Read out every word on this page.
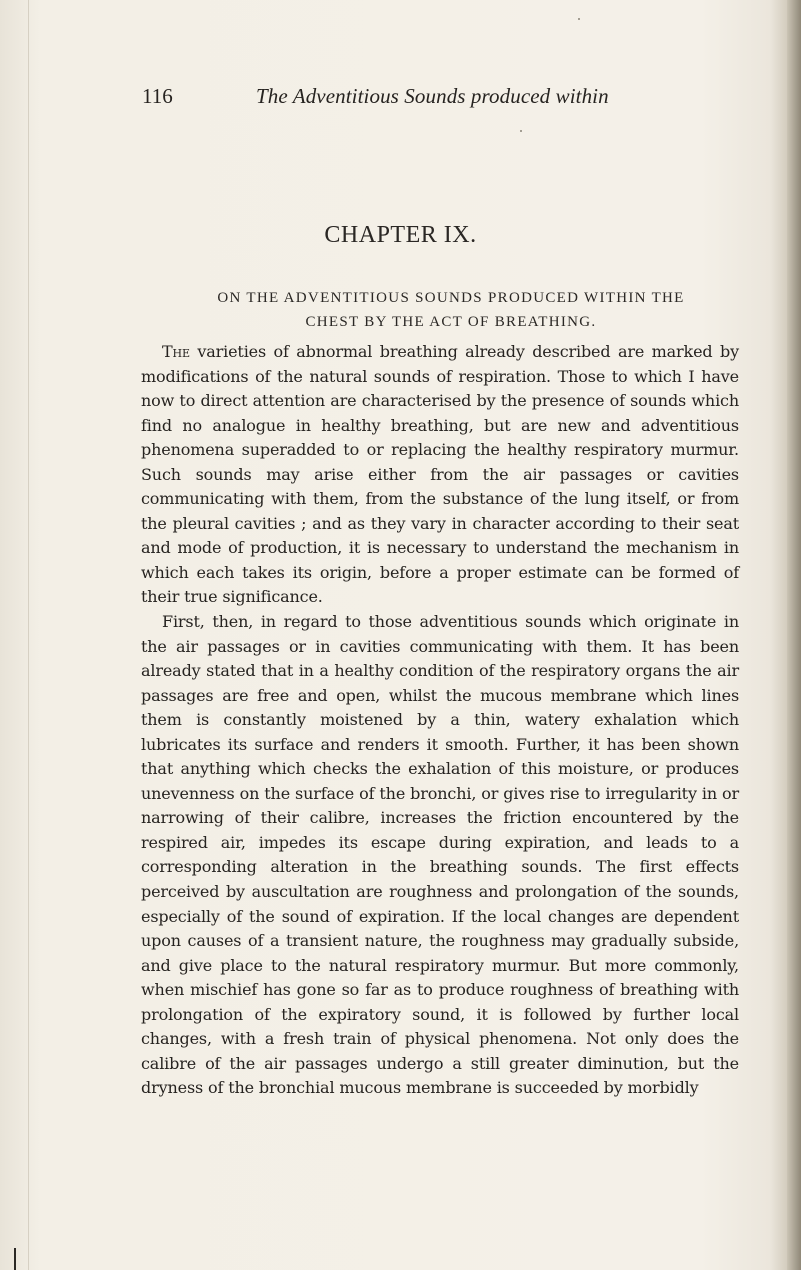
116	The Adventitious Sounds produced within
CHAPTER IX.
ON THE ADVENTITIOUS SOUNDS PRODUCED WITHIN THE
CHEST BY THE ACT OF BREATHING.

The varieties of abnormal breathing already described are marked by modifications of the natural sounds of respiration. Those to which I have now to direct attention are characterised by the presence of sounds which find no analogue in healthy breathing, but are new and adventitious phenomena superadded to or replacing the healthy respiratory murmur. Such sounds may arise either from the air passages or cavities communicating with them, from the substance of the lung itself, or from the pleural cavities ; and as they vary in character according to their seat and mode of production, it is necessary to understand the mechanism in which each takes its origin, before a proper estimate can be formed of their true significance.

First, then, in regard to those adventitious sounds which originate in the air passages or in cavities communicating with them. It has been already stated that in a healthy condition of the respiratory organs the air passages are free and open, whilst the mucous membrane which lines them is constantly moistened by a thin, watery exhalation which lubricates its surface and renders it smooth. Further, it has been shown that anything which checks the exhalation of this moisture, or produces unevenness on the surface of the bronchi, or gives rise to irregularity in or narrowing of their calibre, increases the friction encountered by the respired air, impedes its escape during expiration, and leads to a corresponding alteration in the breathing sounds. The first effects perceived by auscultation are roughness and prolongation of the sounds, especially of the sound of expiration. If the local changes are dependent upon causes of a transient nature, the roughness may gradually subside, and give place to the natural respiratory murmur. But more commonly, when mischief has gone so far as to produce roughness of breathing with prolongation of the expiratory sound, it is followed by further local changes, with a fresh train of physical phenomena. Not only does the calibre of the air passages undergo a still greater diminution, but the dryness of the bronchial mucous membrane is succeeded by morbidly
